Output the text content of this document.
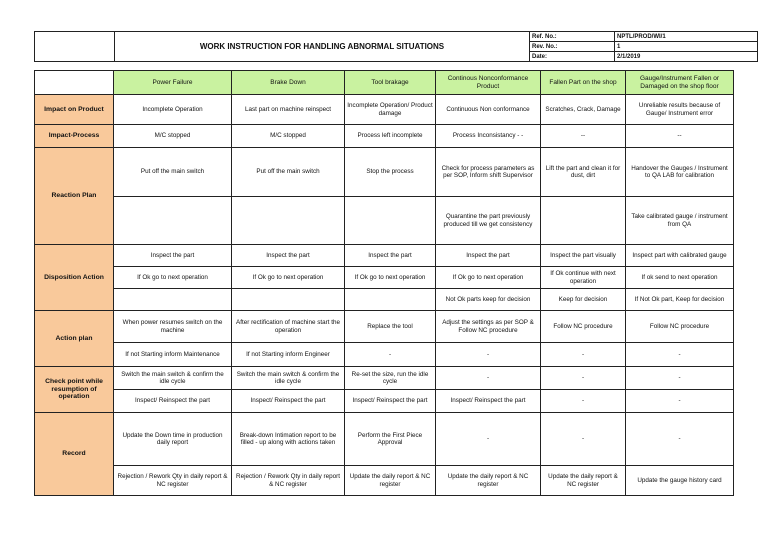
	WORK INSTRUCTION FOR HANDLING ABNORMAL SITUATIONS	Ref. No.:	NPTL/PROD/WI/1
		Rev. No.:	1
		Date:	2/1/2019
	Power Failure	Brake Down	Tool brakage	Continous Nonconformance Product	Fallen Part on the shop	Gauge/Instrument Fallen or Damaged on the shop floor
Impact on Product	Incomplete Operation	Last part on machine reinspect	Incomplete Operation/ Product damage	Continuous Non conformance	Scratches, Crack, Damage	Unreliable results because of Gauge/ Instrument error
Impact-Process	M/C stopped	M/C stopped	Process left incomplete	Process Inconsistancy - -	--	--
Reaction Plan	Put off the main switch	Put off the main switch	Stop the process	Check for process parameters as per SOP, Inform shift Supervisor	Lift the part and clean it for dust, dirt	Handover the Gauges / Instrument to QA LAB for calibration
				Quarantine the part previously produced till we get consistency		Take calibrated gauge / instrument from QA
Disposition Action	Inspect the part	Inspect the part	Inspect the part	Inspect the part	Inspect the part visually	Inspect part with calibrated gauge
	If Ok go to next operation	If Ok go to next operation	If Ok go to next operation	If Ok go to next operation	If Ok continue with next operation	If ok send to next operation
				Not Ok parts keep for decision	Keep for decision	If Not Ok part, Keep for decision
Action plan	When power resumes switch on the machine	After rectification of machine start the operation	Replace the tool	Adjust the settings as per SOP & Follow NC procedure	Follow NC procedure	Follow NC procedure
	If not Starting inform Maintenance	If not Starting inform Engineer	-	-	-	-
Check point while resumption of operation	Switch the main switch & confirm the idle cycle	Switch the main switch & confirm the idle cycle	Re-set the size, run the idle cycle	-	-	-
	Inspect/ Reinspect the part	Inspect/ Reinspect the part	Inspect/ Reinspect the part	Inspect/ Reinspect the part	-	-
Record	Update the Down time in production daily report	Break-down Intimation report to be filled - up along with actions taken	Perform the First Piece Approval	-	-	-
	Rejection / Rework Qty in daily report & NC register	Rejection / Rework Qty in daily report & NC register	Update the daily report & NC register	Update the daily report & NC register	Update the daily report & NC register	Update the gauge history card
